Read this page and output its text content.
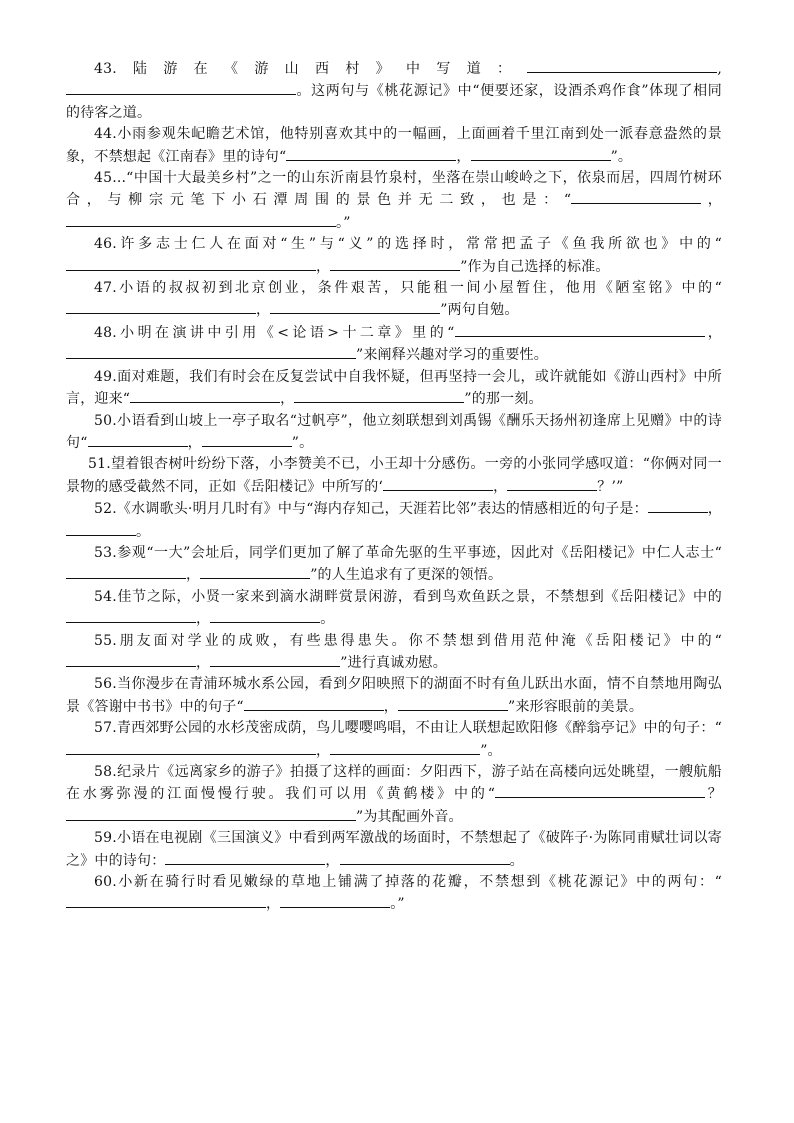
43.陆游在《游山西村》中写道：	,。这两句与《桃花源记》中“便要还家，设酒杀鸡作食”体现了相同的待客之道。

44.小雨参观朱屺瞻艺术馆，他特别喜欢其中的一幅画，上面画着千里江南到处一派春意盎然的景象，不禁想起《江南春》里的诗句“	，	”。

45...“中国十大最美乡村”之一的山东沂南县竹泉村，坐落在崇山峻岭之下，依泉而居，四周竹树环合，与柳宗元笔下小石潭周围的景色并无二致，也是：“	，。”

46.许多志士仁人在面对“生”与“义”的选择时，常常把孟子《鱼我所欲也》中的“，	”作为自己选择的标准。

47.小语的叔叔初到北京创业，条件艰苦，只能租一间小屋暂住，他用《陋室铭》中的“，	”两句自勉。

48.小明在演讲中引用《<论语>十二章》里的“	，”来阐释兴趣对学习的重要性。

49.面对难题，我们有时会在反复尝试中自我怀疑，但再坚持一会儿，或许就能如《游山西村》中所言，迎来“	，	”的那一刻。

50.小语看到山坡上一亭子取名“过帆亭”，他立刻联想到刘禹锡《酬乐天扬州初逢席上见赠》中的诗句“	，	”。

51.望着银杏树叶纷纷下落，小李赞美不已，小王却十分感伤。一旁的小张同学感叹道：“你俩对同一景物的感受截然不同，正如《岳阳楼记》中所写的‘	，	？’”

52.《水调歌头·明月几时有》中与“海内存知己，天涯若比邻”表达的情感相近的句子是：	，。

53.参观“一大”会址后，同学们更加了解了革命先驱的生平事迹，因此对《岳阳楼记》中仁人志士“，	”的人生追求有了更深的领悟。

54.佳节之际，小贤一家来到滴水湖畔赏景闲游，看到鸟欢鱼跃之景，不禁想到《岳阳楼记》中的，	。

55.朋友面对学业的成败，有些患得患失。你不禁想到借用范仲淹《岳阳楼记》中的“，	”进行真诚劝慰。

56.当你漫步在青浦环城水系公园，看到夕阳映照下的湖面不时有鱼儿跃出水面，情不自禁地用陶弘景《答谢中书书》中的句子“	，	”来形容眼前的美景。

57.青西郊野公园的水杉茂密成荫，鸟儿嘤嘤鸣唱，不由让人联想起欧阳修《醉翁亭记》中的句子：“，	”。

58.纪录片《远离家乡的游子》拍摄了这样的画面：夕阳西下，游子站在高楼向远处眺望，一艘航船在水雾弥漫的江面慢慢行驶。我们可以用《黄鹤楼》中的“	？”为其配画外音。

59.小语在电视剧《三国演义》中看到两军激战的场面时，不禁想起了《破阵子·为陈同甫赋壮词以寄之》中的诗句：	，	。

60.小新在骑行时看见嫩绿的草地上铺满了掉落的花瓣，不禁想到《桃花源记》中的两句：“，	。”
